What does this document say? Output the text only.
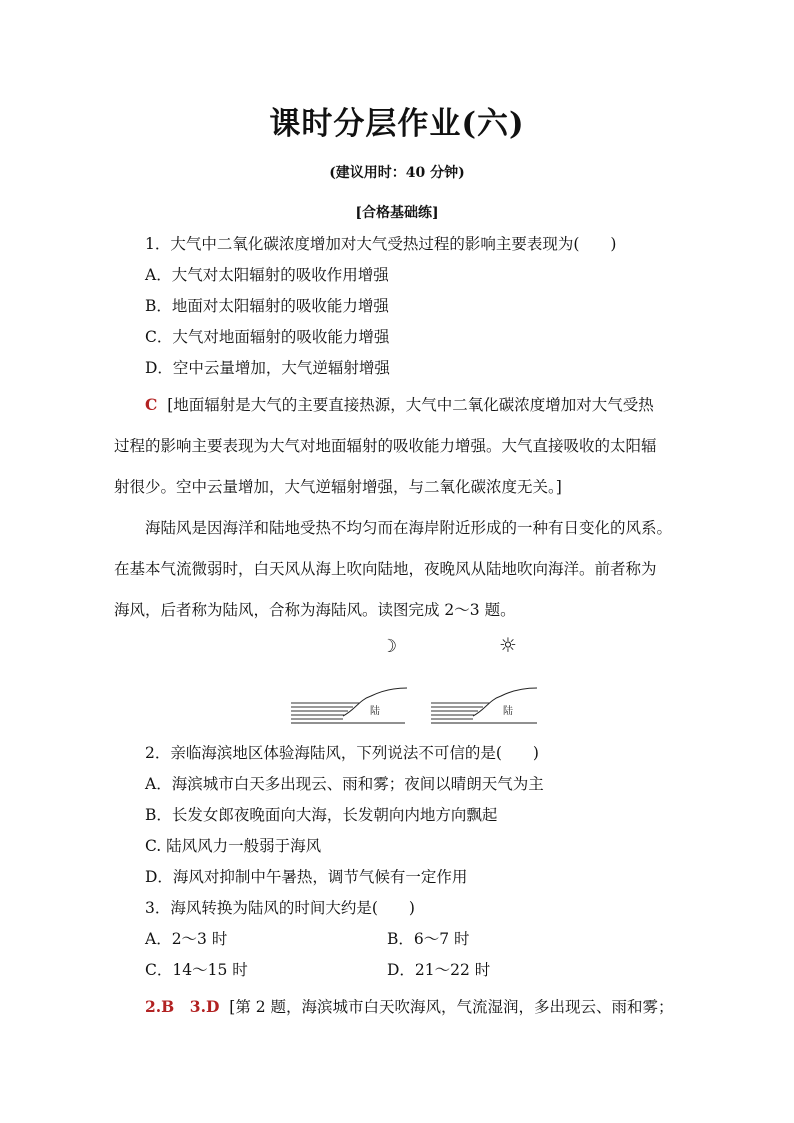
课时分层作业(六)
(建议用时：40 分钟)
[合格基础练]
1．大气中二氧化碳浓度增加对大气受热过程的影响主要表现为(　　)
A．大气对太阳辐射的吸收作用增强
B．地面对太阳辐射的吸收能力增强
C．大气对地面辐射的吸收能力增强
D．空中云量增加，大气逆辐射增强
C [地面辐射是大气的主要直接热源，大气中二氧化碳浓度增加对大气受热
过程的影响主要表现为大气对地面辐射的吸收能力增强。大气直接吸收的太阳辐
射很少。空中云量增加，大气逆辐射增强，与二氧化碳浓度无关。]
海陆风是因海洋和陆地受热不均匀而在海岸附近形成的一种有日变化的风系。
在基本气流微弱时，白天风从海上吹向陆地，夜晚风从陆地吹向海洋。前者称为
海风，后者称为陆风，合称为海陆风。读图完成 2～3 题。
☽	☼
陆	陆
2．亲临海滨地区体验海陆风，下列说法不可信的是(　　)
A．海滨城市白天多出现云、雨和雾；夜间以晴朗天气为主
B．长发女郎夜晚面向大海，长发朝向内地方向飘起
C. 陆风风力一般弱于海风
D．海风对抑制中午暑热，调节气候有一定作用
3．海风转换为陆风的时间大约是(　　)
A．2～3 时	B．6～7 时
C．14～15 时	D．21～22 时
2.B　3.D [第 2 题，海滨城市白天吹海风，气流湿润，多出现云、雨和雾；
